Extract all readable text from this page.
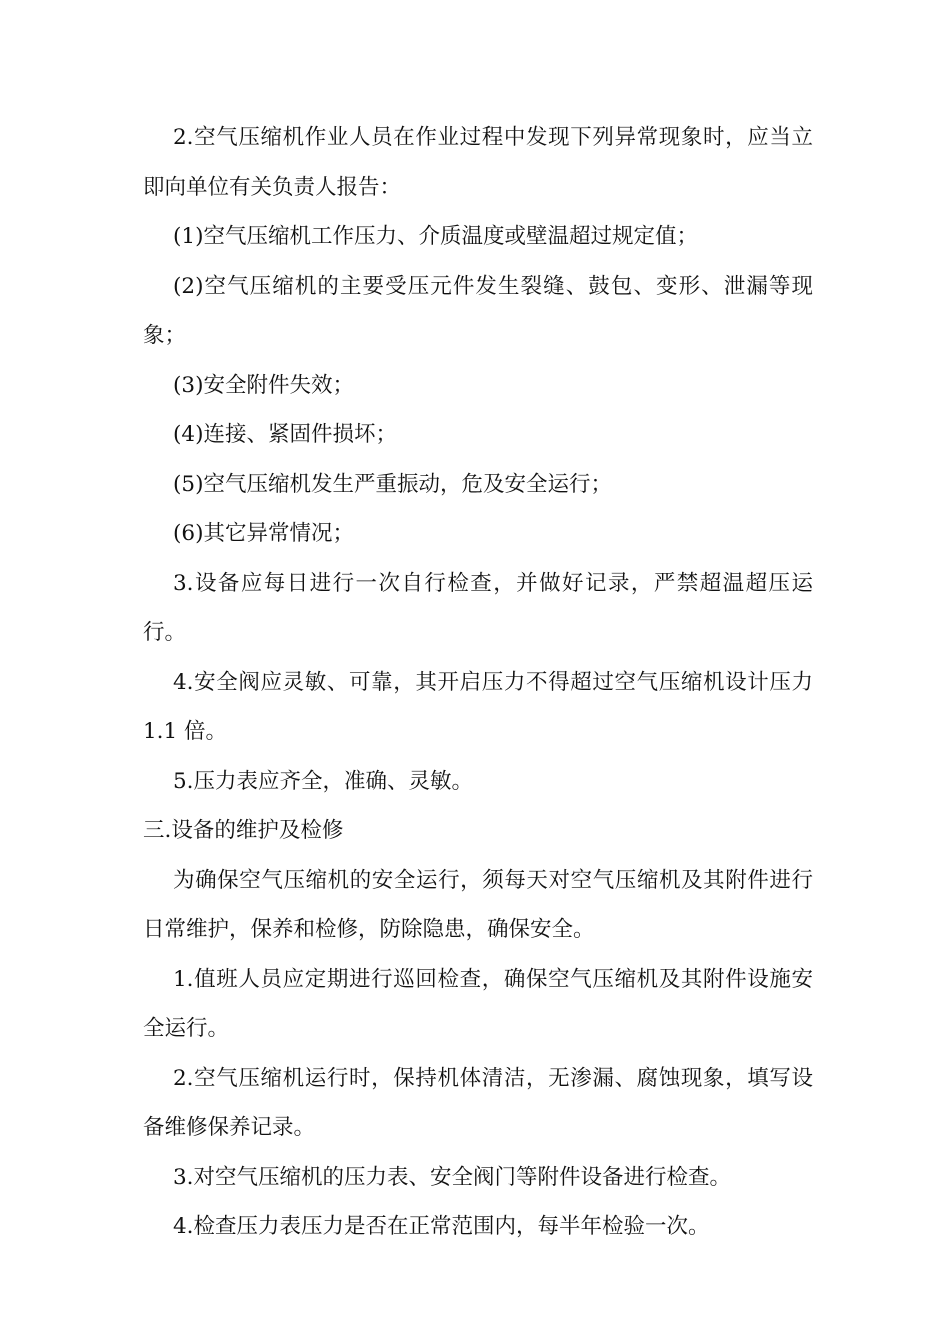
2.空气压缩机作业人员在作业过程中发现下列异常现象时，应当立即向单位有关负责人报告：

(1)空气压缩机工作压力、介质温度或壁温超过规定值；

(2)空气压缩机的主要受压元件发生裂缝、鼓包、变形、泄漏等现象；

(3)安全附件失效；

(4)连接、紧固件损坏；

(5)空气压缩机发生严重振动，危及安全运行；

(6)其它异常情况；

3.设备应每日进行一次自行检查，并做好记录，严禁超温超压运行。

4.安全阀应灵敏、可靠，其开启压力不得超过空气压缩机设计压力1.1 倍。

5.压力表应齐全，准确、灵敏。

三.设备的维护及检修

为确保空气压缩机的安全运行，须每天对空气压缩机及其附件进行日常维护，保养和检修，防除隐患，确保安全。

1.值班人员应定期进行巡回检查，确保空气压缩机及其附件设施安全运行。

2.空气压缩机运行时，保持机体清洁，无渗漏、腐蚀现象，填写设备维修保养记录。

3.对空气压缩机的压力表、安全阀门等附件设备进行检查。

4.检查压力表压力是否在正常范围内，每半年检验一次。
